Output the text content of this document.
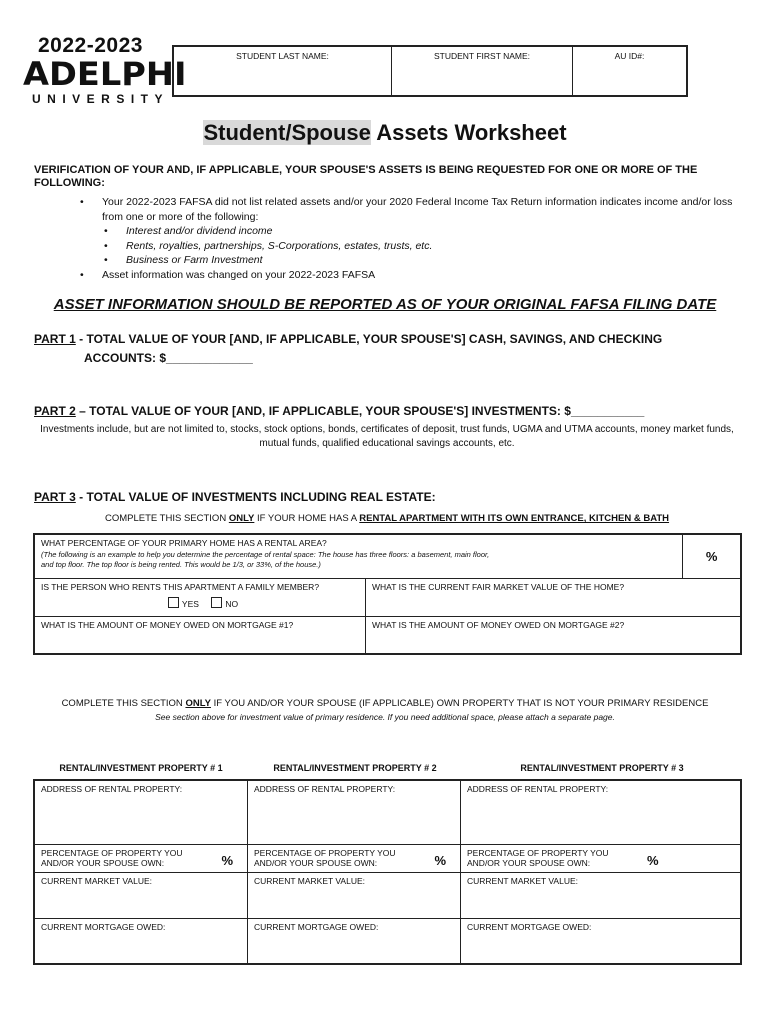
2022-2023
ADELPHI
UNIVERSITY
STUDENT LAST NAME:	STUDENT FIRST NAME:	AU ID#:
Student/Spouse Assets Worksheet
VERIFICATION OF YOUR AND, IF APPLICABLE, YOUR SPOUSE'S ASSETS IS BEING REQUESTED FOR ONE OR MORE OF THE FOLLOWING:
• Your 2022-2023 FAFSA did not list related assets and/or your 2020 Federal Income Tax Return information indicates income and/or loss from one or more of the following:
• Interest and/or dividend income
• Rents, royalties, partnerships, S-Corporations, estates, trusts, etc.
• Business or Farm Investment
• Asset information was changed on your 2022-2023 FAFSA
ASSET INFORMATION SHOULD BE REPORTED AS OF YOUR ORIGINAL FAFSA FILING DATE
PART 1 - TOTAL VALUE OF YOUR [AND, IF APPLICABLE, YOUR SPOUSE'S] CASH, SAVINGS, AND CHECKING
ACCOUNTS: $_____________
PART 2 – TOTAL VALUE OF YOUR [AND, IF APPLICABLE, YOUR SPOUSE'S] INVESTMENTS: $___________
Investments include, but are not limited to, stocks, stock options, bonds, certificates of deposit, trust funds, UGMA and UTMA accounts, money market funds, mutual funds, qualified educational savings accounts, etc.
PART 3 - TOTAL VALUE OF INVESTMENTS INCLUDING REAL ESTATE:
COMPLETE THIS SECTION ONLY IF YOUR HOME HAS A RENTAL APARTMENT WITH ITS OWN ENTRANCE, KITCHEN & BATH
WHAT PERCENTAGE OF YOUR PRIMARY HOME HAS A RENTAL AREA?
(The following is an example to help you determine the percentage of rental space: The house has three floors: a basement, main floor, and top floor. The top floor is being rented. This would be 1/3, or 33%, of the house.)		%

IS THE PERSON WHO RENTS THIS APARTMENT A FAMILY MEMBER?
YES NO	WHAT IS THE CURRENT FAIR MARKET VALUE OF THE HOME?	
WHAT IS THE AMOUNT OF MONEY OWED ON MORTGAGE #1?	WHAT IS THE AMOUNT OF MONEY OWED ON MORTGAGE #2?	
COMPLETE THIS SECTION ONLY IF YOU AND/OR YOUR SPOUSE (IF APPLICABLE) OWN PROPERTY THAT IS NOT YOUR PRIMARY RESIDENCE
See section above for investment value of primary residence. If you need additional space, please attach a separate page.
RENTAL/INVESTMENT PROPERTY # 1	RENTAL/INVESTMENT PROPERTY # 2	RENTAL/INVESTMENT PROPERTY # 3
ADDRESS OF RENTAL PROPERTY:	ADDRESS OF RENTAL PROPERTY:	ADDRESS OF RENTAL PROPERTY:

PERCENTAGE OF PROPERTY YOU AND/OR YOUR SPOUSE OWN: %	PERCENTAGE OF PROPERTY YOU AND/OR YOUR SPOUSE OWN: %	PERCENTAGE OF PROPERTY YOU AND/OR YOUR SPOUSE OWN: %

CURRENT MARKET VALUE:	CURRENT MARKET VALUE:	CURRENT MARKET VALUE:
CURRENT MORTGAGE OWED:	CURRENT MORTGAGE OWED:	CURRENT MORTGAGE OWED:
